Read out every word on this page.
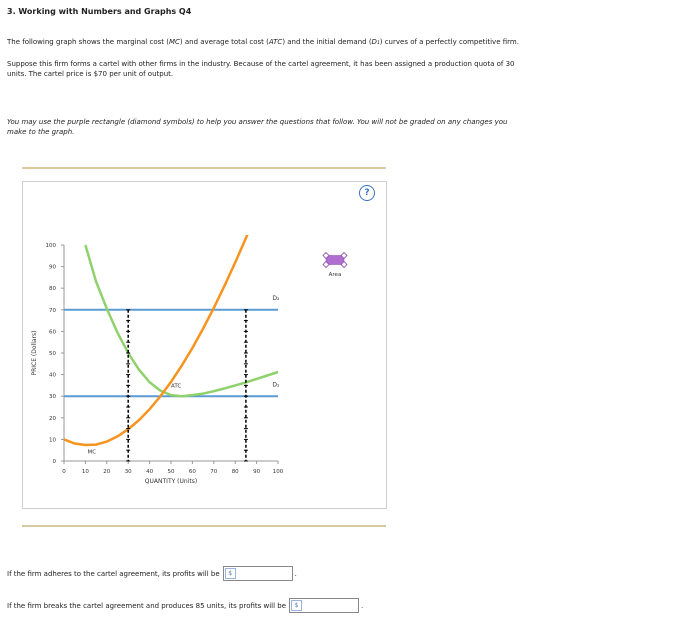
3. Working with Numbers and Graphs Q4
The following graph shows the marginal cost (MC) and average total cost (ATC) and the initial demand (D₁) curves of a perfectly competitive firm.
Suppose this firm forms a cartel with other firms in the industry. Because of the cartel agreement, it has been assigned a production quota of 30
units. The cartel price is $70 per unit of output.
You may use the purple rectangle (diamond symbols) to help you answer the questions that follow. You will not be graded on any changes you
make to the graph.
?
0
10
20
30
40
50
60
70
80
90
100
0	10	20	30	40	50	60	70	80	90 100
PRICE (Dollars)
QUANTITY (Units)
MC
ATC
D₂
D₁
Area
If the firm adheres to the cartel agreement, its profits will be	$	.
If the firm breaks the cartel agreement and produces 85 units, its profits will be	$	.
